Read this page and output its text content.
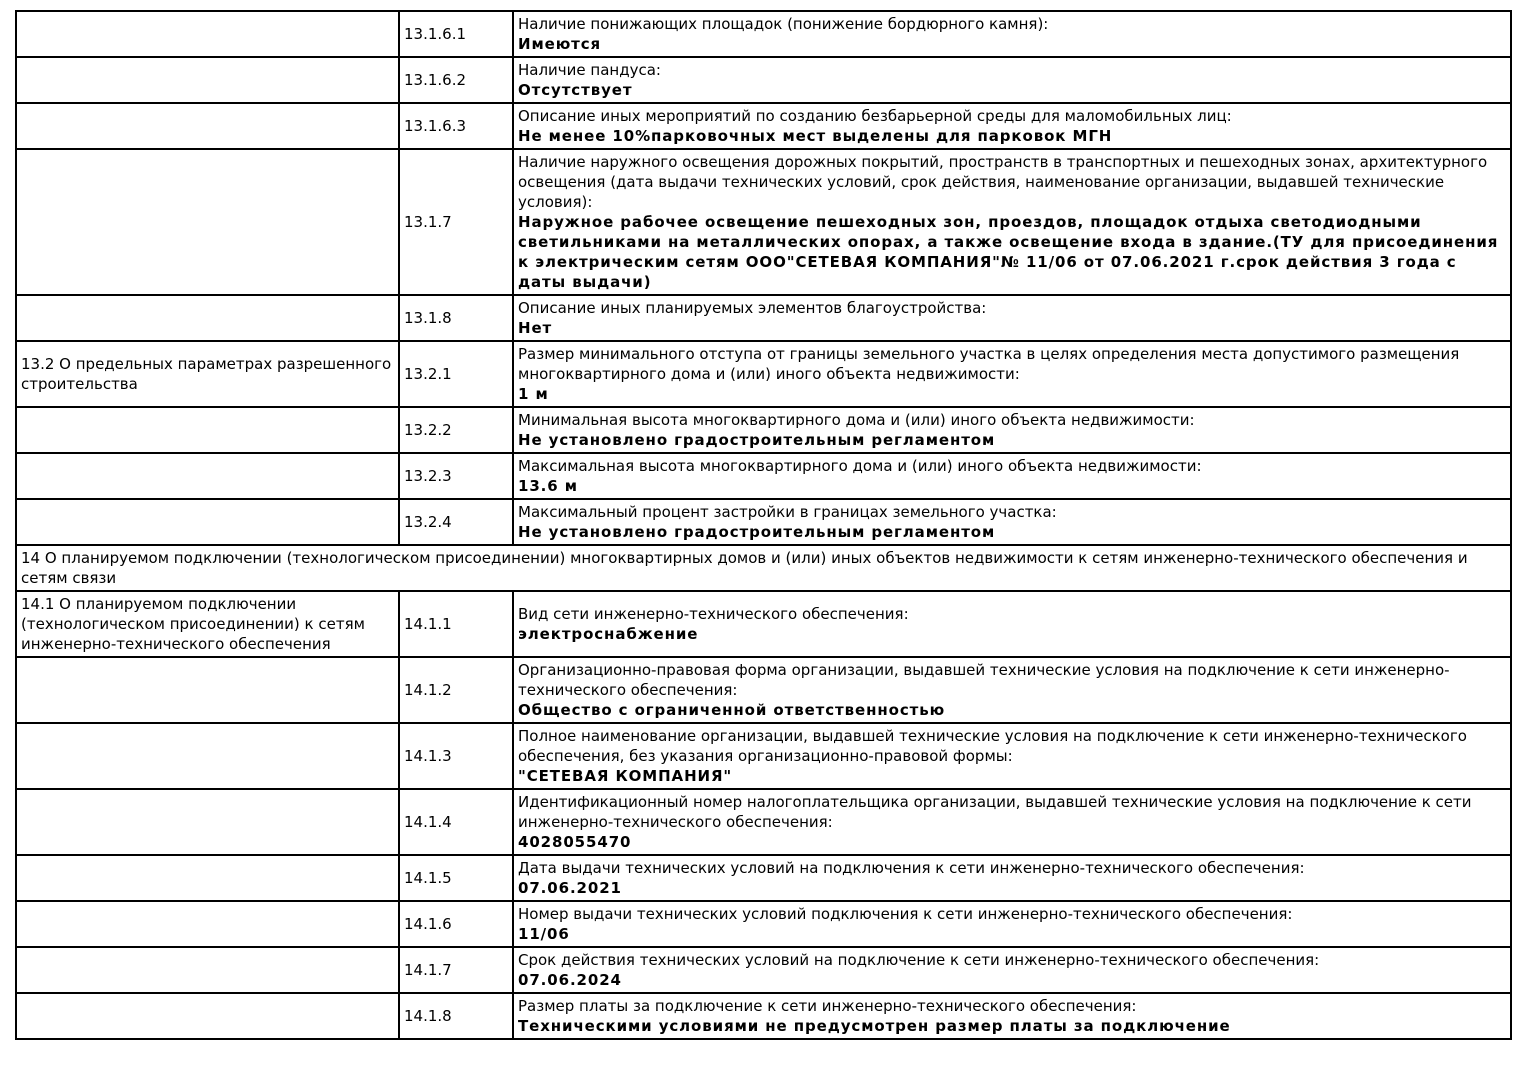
	13.1.6.1	Наличие понижающих площадок (понижение бордюрного камня):
Имеются

	13.1.6.2	Наличие пандуса:
Отсутствует

	13.1.6.3	Описание иных мероприятий по созданию безбарьерной среды для маломобильных лиц:
Не менее 10%парковочных мест выделены для парковок МГН

	13.1.7	Наличие наружного освещения дорожных покрытий, пространств в транспортных и пешеходных зонах, архитектурного освещения (дата выдачи технических условий, срок действия, наименование организации, выдавшей технические условия):
Наружное рабочее освещение пешеходных зон, проездов, площадок отдыха светодиодными светильниками на металлических опорах, а также освещение входа в здание.(ТУ для присоединения к электрическим сетям ООО"СЕТЕВАЯ КОМПАНИЯ"№ 11/06 от 07.06.2021 г.срок действия 3 года с даты выдачи)

	13.1.8	Описание иных планируемых элементов благоустройства:
Нет

13.2 О предельных параметрах разрешенного строительства	13.2.1	Размер минимального отступа от границы земельного участка в целях определения места допустимого размещения многоквартирного дома и (или) иного объекта недвижимости:
1 м

	13.2.2	Минимальная высота многоквартирного дома и (или) иного объекта недвижимости:
Не установлено градостроительным регламентом

	13.2.3	Максимальная высота многоквартирного дома и (или) иного объекта недвижимости:
13.6 м

	13.2.4	Максимальный процент застройки в границах земельного участка:
Не установлено градостроительным регламентом

14 О планируемом подключении (технологическом присоединении) многоквартирных домов и (или) иных объектов недвижимости к сетям инженерно-технического обеспечения и сетям связи		
14.1 О планируемом подключении (технологическом присоединении) к сетям инженерно-технического обеспечения	14.1.1	Вид сети инженерно-технического обеспечения:
электроснабжение

	14.1.2	Организационно-правовая форма организации, выдавшей технические условия на подключение к сети инженерно-технического обеспечения:
Общество с ограниченной ответственностью

	14.1.3	Полное наименование организации, выдавшей технические условия на подключение к сети инженерно-технического обеспечения, без указания организационно-правовой формы:
"СЕТЕВАЯ КОМПАНИЯ"

	14.1.4	Идентификационный номер налогоплательщика организации, выдавшей технические условия на подключение к сети инженерно-технического обеспечения:
4028055470

	14.1.5	Дата выдачи технических условий на подключения к сети инженерно-технического обеспечения:
07.06.2021

	14.1.6	Номер выдачи технических условий подключения к сети инженерно-технического обеспечения:
11/06

	14.1.7	Срок действия технических условий на подключение к сети инженерно-технического обеспечения:
07.06.2024

	14.1.8	Размер платы за подключение к сети инженерно-технического обеспечения:
Техническими условиями не предусмотрен размер платы за подключение
